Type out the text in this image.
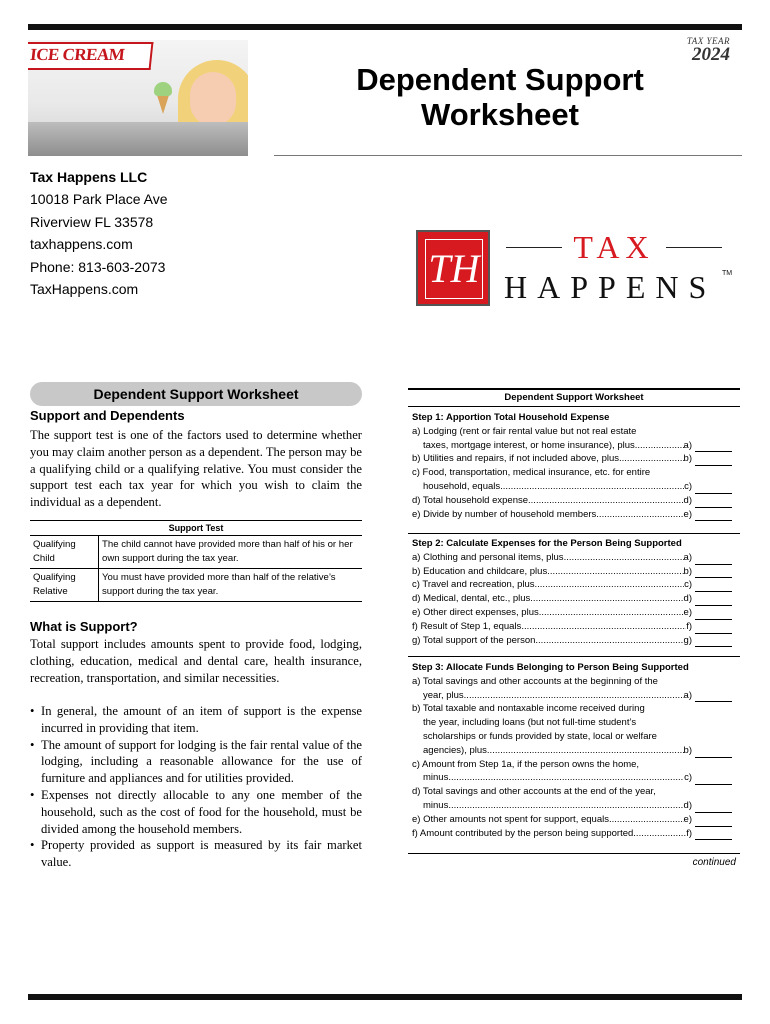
ICE CREAM
TAX YEAR
2024
Dependent Support
Worksheet
Tax Happens LLC
10018 Park Place Ave
Riverview FL 33578
taxhappens.com
Phone: 813-603-2073
TaxHappens.com	TH	TAX
HAPPENS TM
Dependent Support Worksheet
Support and Dependents
The support test is one of the factors used to determine whether you may claim another person as a dependent. The person may be a qualifying child or a qualifying relative. You must consider the support test each tax year for which you wish to claim the individual as a dependent.
Support Test
Qualifying Child	The child cannot have provided more than half of his or her own support during the tax year.
Qualifying Relative	You must have provided more than half of the relative’s support during the tax year.
What is Support?
Total support includes amounts spent to provide food, lodging, clothing, education, medical and dental care, health insurance, recreation, transportation, and similar necessities.
• In general, the amount of an item of support is the expense incurred in providing that item.
• The amount of support for lodging is the fair rental value of the lodging, including a reasonable allowance for the use of furniture and appliances and for utilities provided.
• Expenses not directly allocable to any one member of the household, such as the cost of food for the household, must be divided among the household members.
• Property provided as support is measured by its fair market value.
Dependent Support Worksheet
Step 1: Apportion Total Household Expense
a) Lodging (rent or fair rental value but not real estate
taxes, mortgage interest, or home insurance), plus .....	a)
b) Utilities and repairs, if not included above, plus .....	b)
c) Food, transportation, medical insurance, etc. for entire
household, equals .....	c)
d) Total household expense. .....	d)
e) Divide by number of household members .....	e)
Step 2: Calculate Expenses for the Person Being Supported
a) Clothing and personal items, plus .....	a)
b) Education and childcare, plus .....	b)
c) Travel and recreation, plus .....	c)
d) Medical, dental, etc., plus .....	d)
e) Other direct expenses, plus .....	e)
f) Result of Step 1, equals .....	f)
g) Total support of the person .....	g)
Step 3: Allocate Funds Belonging to Person Being Supported
a) Total savings and other accounts at the beginning of the
year, plus .....	a)
b) Total taxable and nontaxable income received during
the year, including loans (but not full-time student’s
scholarships or funds provided by state, local or welfare
agencies), plus .....	b)
c) Amount from Step 1a, if the person owns the home,
minus .....	c)
d) Total savings and other accounts at the end of the year,
minus .....	d)
e) Other amounts not spent for support, equals .....	e)
f) Amount contributed by the person being supported .....	f)
continued
